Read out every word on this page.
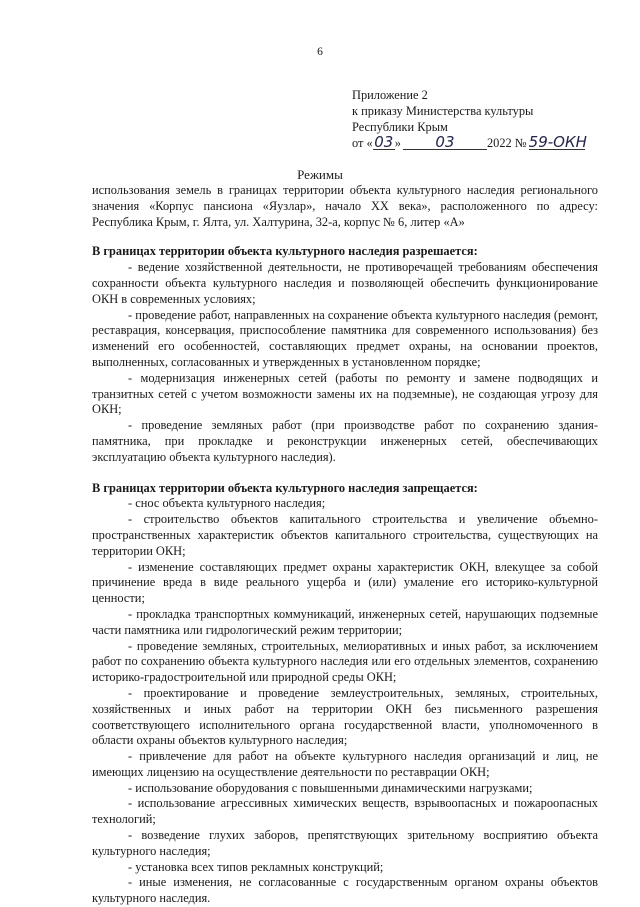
6
Приложение 2
к приказу Министерства культуры
Республики Крым
от «03» 03	2022 № 59-ОКН
Режимы

использования земель в границах территории объекта культурного наследия регионального значения «Корпус пансиона «Яузлар», начало XX века», расположенного по адресу: Республика Крым, г. Ялта, ул. Халтурина, 32-а, корпус № 6, литер «А»

В границах территории объекта культурного наследия разрешается:

- ведение хозяйственной деятельности, не противоречащей требованиям обеспечения сохранности объекта культурного наследия и позволяющей обеспечить функционирование ОКН в современных условиях;

- проведение работ, направленных на сохранение объекта культурного наследия (ремонт, реставрация, консервация, приспособление памятника для современного использования) без изменений его особенностей, составляющих предмет охраны, на основании проектов, выполненных, согласованных и утвержденных в установленном порядке;

- модернизация инженерных сетей (работы по ремонту и замене подводящих и транзитных сетей с учетом возможности замены их на подземные), не создающая угрозу для ОКН;

- проведение земляных работ (при производстве работ по сохранению здания-памятника, при прокладке и реконструкции инженерных сетей, обеспечивающих эксплуатацию объекта культурного наследия).

В границах территории объекта культурного наследия запрещается:

- снос объекта культурного наследия;

- строительство объектов капитального строительства и увеличение объемно-пространственных характеристик объектов капитального строительства, существующих на территории ОКН;

- изменение составляющих предмет охраны характеристик ОКН, влекущее за собой причинение вреда в виде реального ущерба и (или) умаление его историко-культурной ценности;

- прокладка транспортных коммуникаций, инженерных сетей, нарушающих подземные части памятника или гидрологический режим территории;

- проведение земляных, строительных, мелиоративных и иных работ, за исключением работ по сохранению объекта культурного наследия или его отдельных элементов, сохранению историко-градостроительной или природной среды ОКН;

- проектирование и проведение землеустроительных, земляных, строительных, хозяйственных и иных работ на территории ОКН без письменного разрешения соответствующего исполнительного органа государственной власти, уполномоченного в области охраны объектов культурного наследия;

- привлечение для работ на объекте культурного наследия организаций и лиц, не имеющих лицензию на осуществление деятельности по реставрации ОКН;

- использование оборудования с повышенными динамическими нагрузками;

- использование агрессивных химических веществ, взрывоопасных и пожароопасных технологий;

- возведение глухих заборов, препятствующих зрительному восприятию объекта культурного наследия;

- установка всех типов рекламных конструкций;

- иные изменения, не согласованные с государственным органом охраны объектов культурного наследия.
